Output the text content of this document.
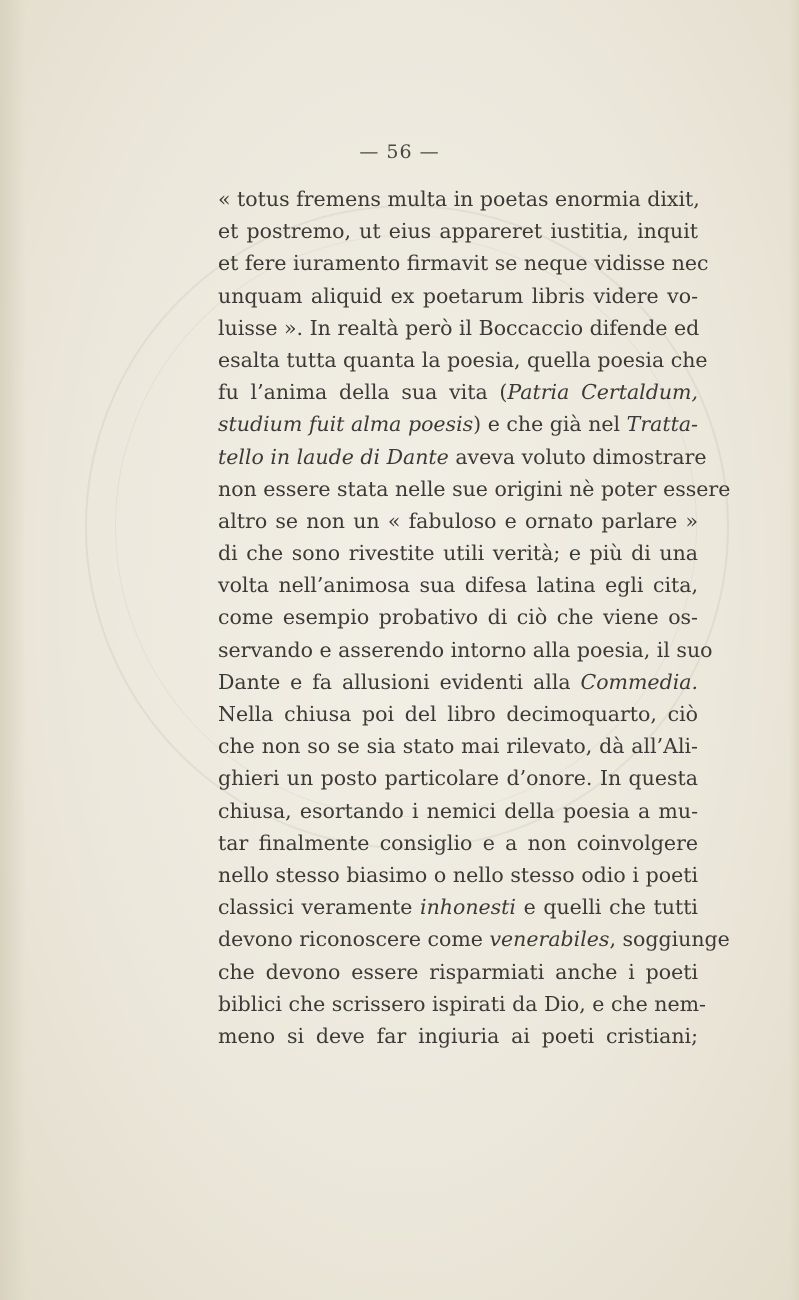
— 56 —
« totus fremens multa in poetas enormia dixit,
et postremo, ut eius appareret iustitia, inquit
et fere iuramento firmavit se neque vidisse nec
unquam aliquid ex poetarum libris videre vo-
luisse ». In realtà però il Boccaccio difende ed
esalta tutta quanta la poesia, quella poesia che
fu l’anima della sua vita (Patria Certaldum,
studium fuit alma poesis) e che già nel Tratta-
tello in laude di Dante aveva voluto dimostrare
non essere stata nelle sue origini nè poter essere
altro se non un « fabuloso e ornato parlare »
di che sono rivestite utili verità; e più di una
volta nell’animosa sua difesa latina egli cita,
come esempio probativo di ciò che viene os-
servando e asserendo intorno alla poesia, il suo
Dante e fa allusioni evidenti alla Commedia.
Nella chiusa poi del libro decimoquarto, ciò
che non so se sia stato mai rilevato, dà all’Ali-
ghieri un posto particolare d’onore. In questa
chiusa, esortando i nemici della poesia a mu-
tar finalmente consiglio e a non coinvolgere
nello stesso biasimo o nello stesso odio i poeti
classici veramente inhonesti e quelli che tutti
devono riconoscere come venerabiles, soggiunge
che devono essere risparmiati anche i poeti
biblici che scrissero ispirati da Dio, e che nem-
meno si deve far ingiuria ai poeti cristiani;
